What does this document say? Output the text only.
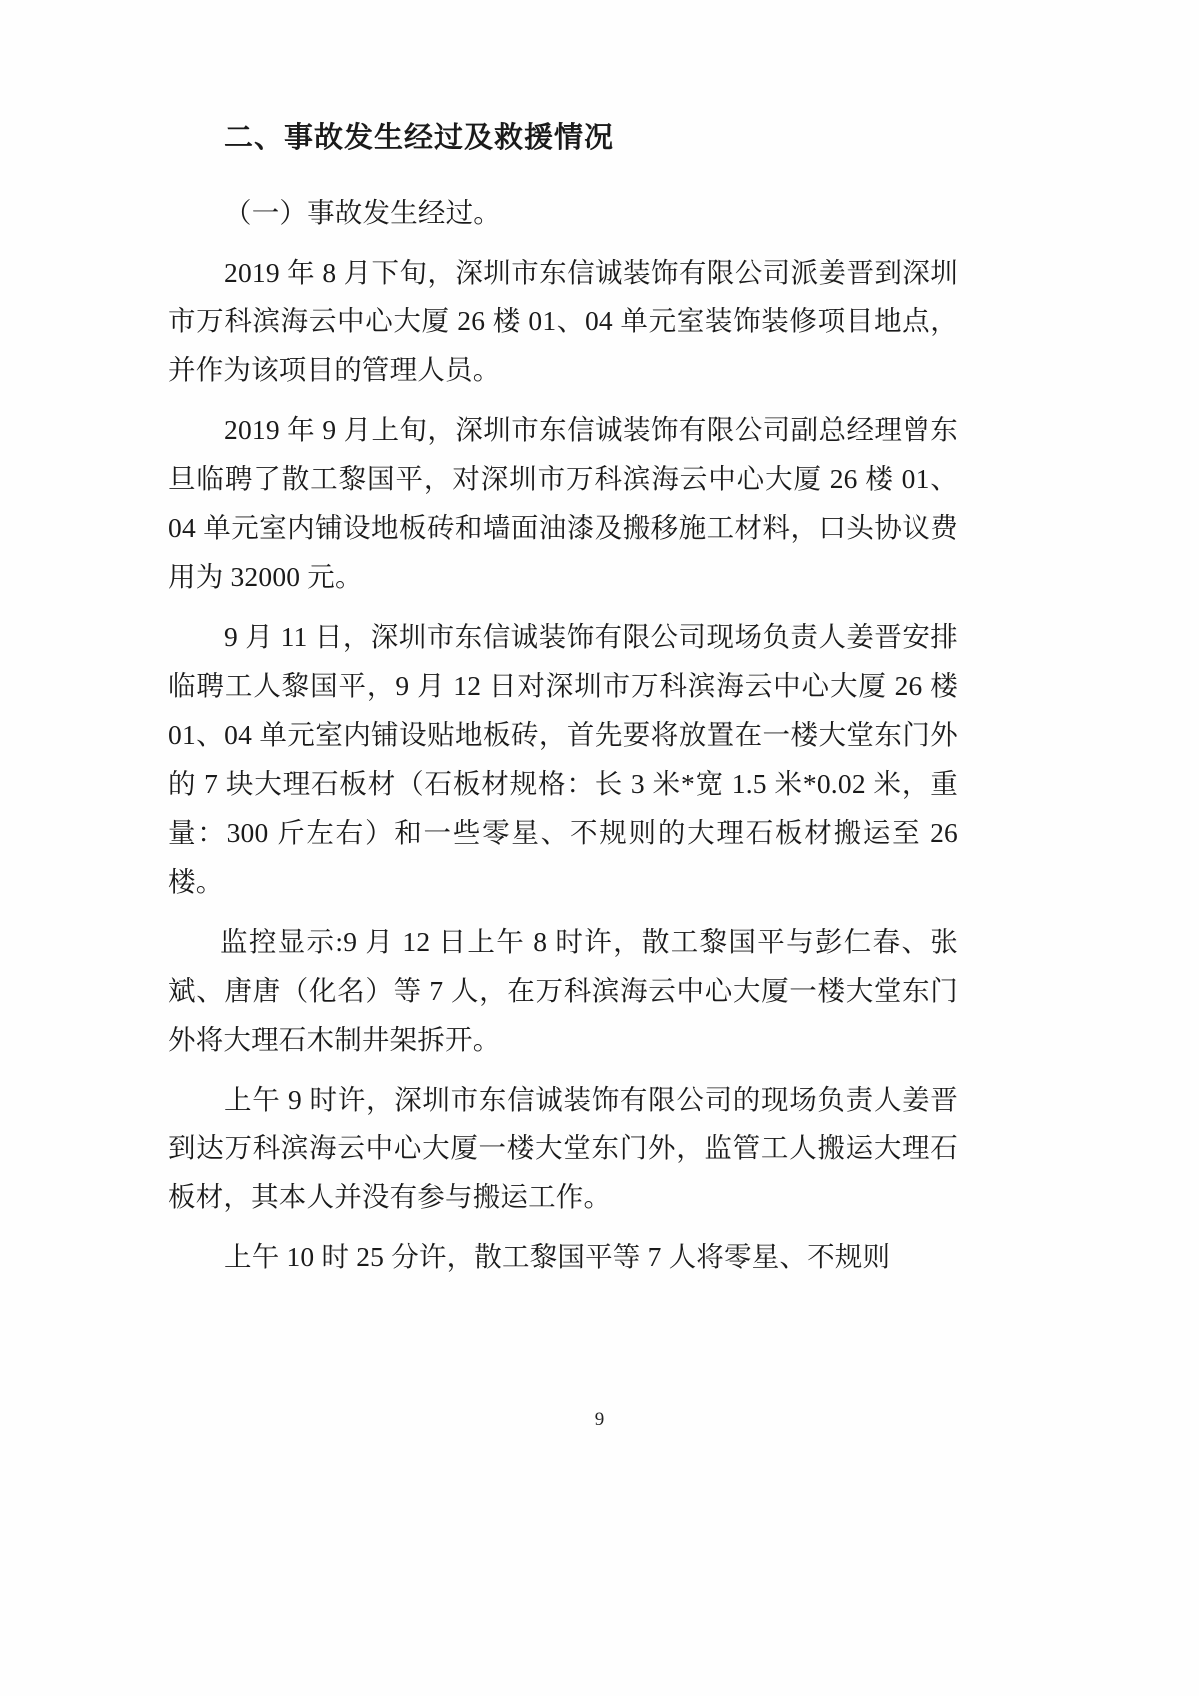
二、事故发生经过及救援情况

（一）事故发生经过。

2019 年 8 月下旬，深圳市东信诚装饰有限公司派姜晋到深圳市万科滨海云中心大厦 26 楼 01、04 单元室装饰装修项目地点，并作为该项目的管理人员。

2019 年 9 月上旬，深圳市东信诚装饰有限公司副总经理曾东旦临聘了散工黎国平，对深圳市万科滨海云中心大厦 26 楼 01、04 单元室内铺设地板砖和墙面油漆及搬移施工材料，口头协议费用为 32000 元。

9 月 11 日，深圳市东信诚装饰有限公司现场负责人姜晋安排临聘工人黎国平，9 月 12 日对深圳市万科滨海云中心大厦 26 楼 01、04 单元室内铺设贴地板砖，首先要将放置在一楼大堂东门外的 7 块大理石板材（石板材规格：长 3 米*宽 1.5 米*0.02 米，重量：300 斤左右）和一些零星、不规则的大理石板材搬运至 26 楼。

监控显示:9 月 12 日上午 8 时许，散工黎国平与彭仁春、张斌、唐唐（化名）等 7 人，在万科滨海云中心大厦一楼大堂东门外将大理石木制井架拆开。

上午 9 时许，深圳市东信诚装饰有限公司的现场负责人姜晋到达万科滨海云中心大厦一楼大堂东门外，监管工人搬运大理石板材，其本人并没有参与搬运工作。

上午 10 时 25 分许，散工黎国平等 7 人将零星、不规则

9
